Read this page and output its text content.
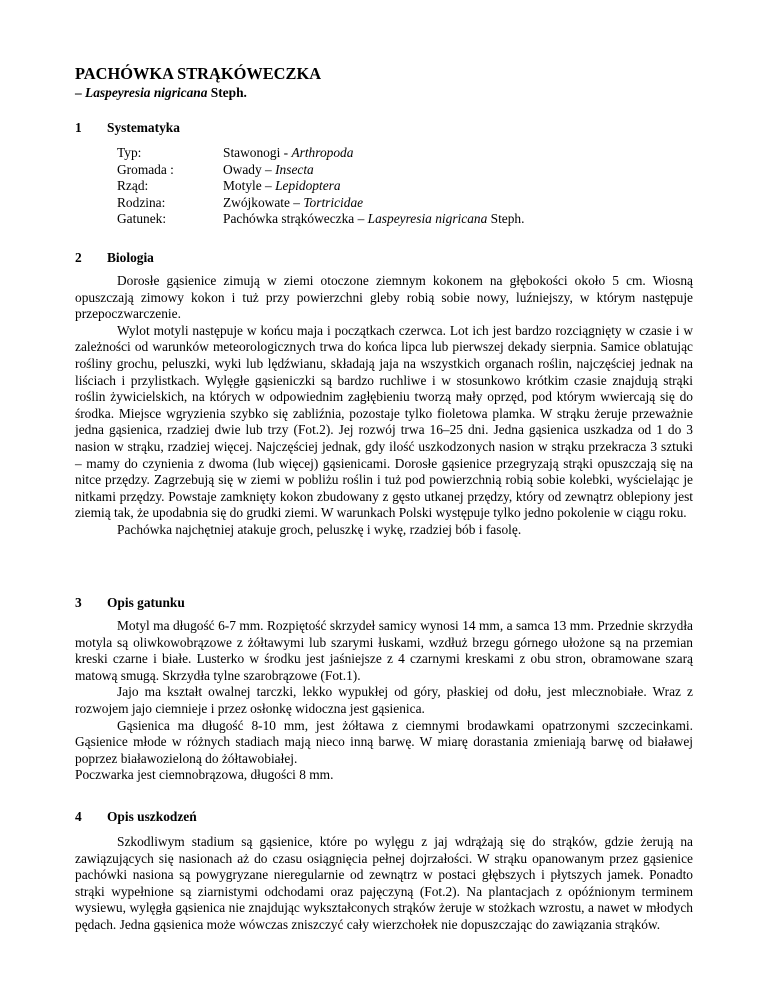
PACHÓWKA STRĄKÓWECZKA
– Laspeyresia nigricana Steph.
1 Systematyka
Typ:	Stawonogi - Arthropoda
Gromada :	Owady – Insecta
Rząd:	Motyle – Lepidoptera
Rodzina:	Zwójkowate – Tortricidae
Gatunek:	Pachówka strąkóweczka – Laspeyresia nigricana Steph.
2 Biologia

Dorosłe gąsienice zimują w ziemi otoczone ziemnym kokonem na głębokości około 5 cm. Wiosną opuszczają zimowy kokon i tuż przy powierzchni gleby robią sobie nowy, luźniejszy, w którym następuje przepoczwarczenie.

Wylot motyli następuje w końcu maja i początkach czerwca. Lot ich jest bardzo rozciągnięty w czasie i w zależności od warunków meteorologicznych trwa do końca lipca lub pierwszej dekady sierpnia. Samice oblatując rośliny grochu, peluszki, wyki lub lędźwianu, składają jaja na wszystkich organach roślin, najczęściej jednak na liściach i przylistkach. Wylęgłe gąsieniczki są bardzo ruchliwe i w stosunkowo krótkim czasie znajdują strąki roślin żywicielskich, na których w odpowiednim zagłębieniu tworzą mały oprzęd, pod którym wwiercają się do środka. Miejsce wgryzienia szybko się zabliźnia, pozostaje tylko fioletowa plamka. W strąku żeruje przeważnie jedna gąsienica, rzadziej dwie lub trzy (Fot.2). Jej rozwój trwa 16–25 dni. Jedna gąsienica uszkadza od 1 do 3 nasion w strąku, rzadziej więcej. Najczęściej jednak, gdy ilość uszkodzonych nasion w strąku przekracza 3 sztuki – mamy do czynienia z dwoma (lub więcej) gąsienicami. Dorosłe gąsienice przegryzają strąki opuszczają się na nitce przędzy. Zagrzebują się w ziemi w pobliżu roślin i tuż pod powierzchnią robią sobie kolebki, wyścielając je nitkami przędzy. Powstaje zamknięty kokon zbudowany z gęsto utkanej przędzy, który od zewnątrz oblepiony jest ziemią tak, że upodabnia się do grudki ziemi. W warunkach Polski występuje tylko jedno pokolenie w ciągu roku.

Pachówka najchętniej atakuje groch, peluszkę i wykę, rzadziej bób i fasolę.

3 Opis gatunku

Motyl ma długość 6-7 mm. Rozpiętość skrzydeł samicy wynosi 14 mm, a samca 13 mm. Przednie skrzydła motyla są oliwkowobrązowe z żółtawymi lub szarymi łuskami, wzdłuż brzegu górnego ułożone są na przemian kreski czarne i białe. Lusterko w środku jest jaśniejsze z 4 czarnymi kreskami z obu stron, obramowane szarą matową smugą. Skrzydła tylne szarobrązowe (Fot.1).

Jajo ma kształt owalnej tarczki, lekko wypukłej od góry, płaskiej od dołu, jest mlecznobiałe. Wraz z rozwojem jajo ciemnieje i przez osłonkę widoczna jest gąsienica.

Gąsienica ma długość 8-10 mm, jest żółtawa z ciemnymi brodawkami opatrzonymi szczecinkami. Gąsienice młode w różnych stadiach mają nieco inną barwę. W miarę dorastania zmieniają barwę od białawej poprzez białawozieloną do żółtawobiałej.

Poczwarka jest ciemnobrązowa, długości 8 mm.

4 Opis uszkodzeń

Szkodliwym stadium są gąsienice, które po wylęgu z jaj wdrążają się do strąków, gdzie żerują na zawiązujących się nasionach aż do czasu osiągnięcia pełnej dojrzałości. W strąku opanowanym przez gąsienice pachówki nasiona są powygryzane nieregularnie od zewnątrz w postaci głębszych i płytszych jamek. Ponadto strąki wypełnione są ziarnistymi odchodami oraz pajęczyną (Fot.2). Na plantacjach z opóźnionym terminem wysiewu, wylęgła gąsienica nie znajdując wykształconych strąków żeruje w stożkach wzrostu, a nawet w młodych pędach. Jedna gąsienica może wówczas zniszczyć cały wierzchołek nie dopuszczając do zawiązania strąków.
